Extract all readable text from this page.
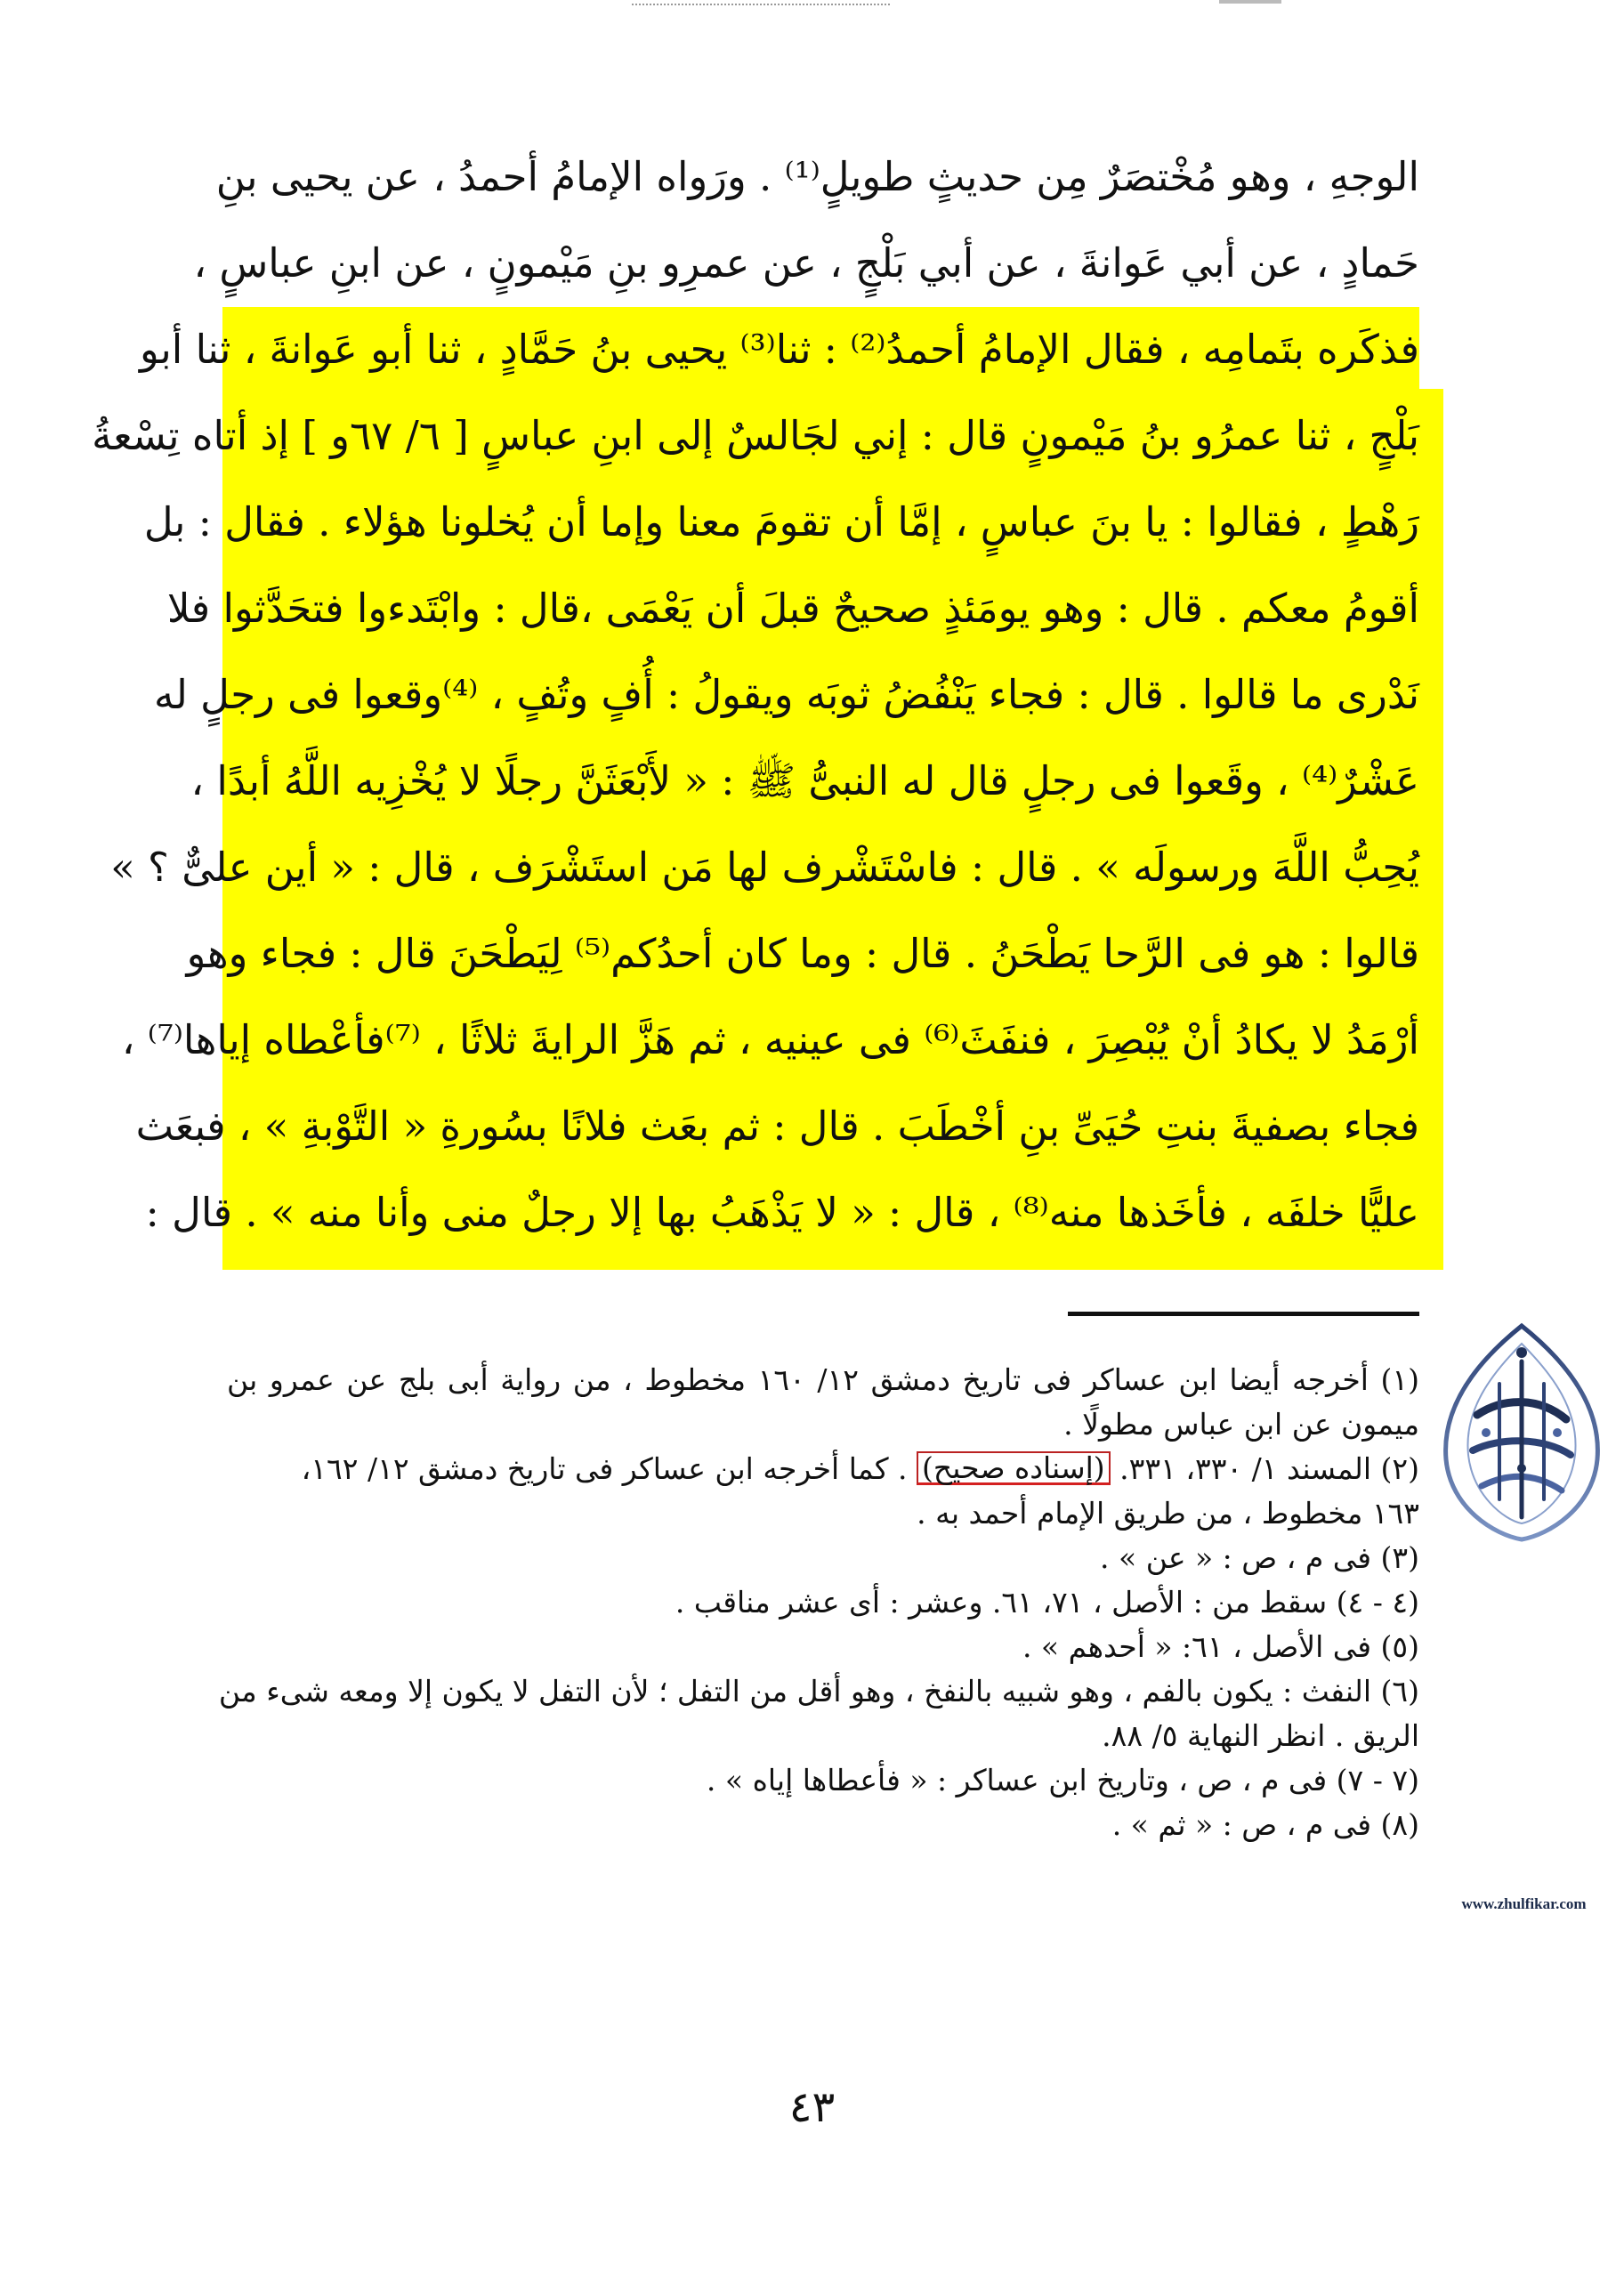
الوجهِ ، وهو مُخْتصَرٌ مِن حديثٍ طويلٍ⁽¹⁾ . ورَواه الإمامُ أحمدُ ، عن يحيى بنِ
حَمادٍ ، عن أبي عَوانةَ ، عن أبي بَلْجٍ ، عن عمرِو بنِ مَيْمونٍ ، عن ابنِ عباسٍ ،
فذكَره بتَمامِه ، فقال الإمامُ أحمدُ⁽²⁾ : ثنا⁽³⁾ يحيى بنُ حَمَّادٍ ، ثنا أبو عَوانةَ ، ثنا أبو
بَلْجٍ ، ثنا عمرُو بنُ مَيْمونٍ قال : إني لجَالسٌ إلى ابنِ عباسٍ [ ٦/ ٦٧و ] إذ أتاه تِسْعةُ
رَهْطٍ ، فقالوا : يا بنَ عباسٍ ، إمَّا أن تقومَ معنا وإما أن يُخلونا هؤلاء . فقال : بل
أقومُ معكم . قال : وهو يومَئذٍ صحيحٌ قبلَ أن يَعْمَى ،قال : وابْتَدءوا فتحَدَّثوا فلا
نَدْرى ما قالوا . قال : فجاء يَنْفُضُ ثوبَه ويقولُ : أُفٍ وتُفٍ ، ⁽⁴⁾وقعوا فى رجلٍ له
عَشْرٌ⁽⁴⁾ ، وقَعوا فى رجلٍ قال له النبىُّ ﷺ : « لأَبْعَثَنَّ رجلًا لا يُخْزِيه اللَّهُ أبدًا ،
يُحِبُّ اللَّهَ ورسولَه » . قال : فاسْتَشْرف لها مَن استَشْرَف ، قال : « أين علىٌّ ؟ »
قالوا : هو فى الرَّحا يَطْحَنُ . قال : وما كان أحدُكم⁽⁵⁾ لِيَطْحَنَ قال : فجاء وهو
أرْمَدُ لا يكادُ أنْ يُبْصِرَ ، فنفَثَ⁽⁶⁾ فى عينيه ، ثم هَزَّ الرايةَ ثلاثًا ، ⁽⁷⁾فأعْطاه إياها⁽⁷⁾ ،
فجاء بصفيةَ بنتِ حُيَىِّ بنِ أخْطَبَ . قال : ثم بعَث فلانًا بسُورةِ « التَّوْبةِ » ، فبعَث
عليًّا خلفَه ، فأخَذها منه⁽⁸⁾ ، قال : « لا يَذْهَبُ بها إلا رجلٌ منى وأنا منه » . قال :
(١) أخرجه أيضا ابن عساكر فى تاريخ دمشق ١٢/ ١٦٠ مخطوط ، من رواية أبى بلج عن عمرو بن
ميمون عن ابن عباس مطولًا .
(٢) المسند ١/ ٣٣٠، ٣٣١.

(إسناده صحيح)

. كما أخرجه ابن عساكر فى تاريخ دمشق ١٢/ ١٦٢،
١٦٣ مخطوط ، من طريق الإمام أحمد به .
(٣) فى م ، ص : « عن » .
(٤ - ٤) سقط من : الأصل ، ٧١، ٦١. وعشر : أى عشر مناقب .
(٥) فى الأصل ، ٦١: « أحدهم » .
(٦) النفث : يكون بالفم ، وهو شبيه بالنفخ ، وهو أقل من التفل ؛ لأن التفل لا يكون إلا ومعه شىء من
الريق . انظر النهاية ٥/ ٨٨.
(٧ - ٧) فى م ، ص ، وتاريخ ابن عساكر : « فأعطاها إياه » .
(٨) فى م ، ص : « ثم » .
٤٣
www.zhulfikar.com
